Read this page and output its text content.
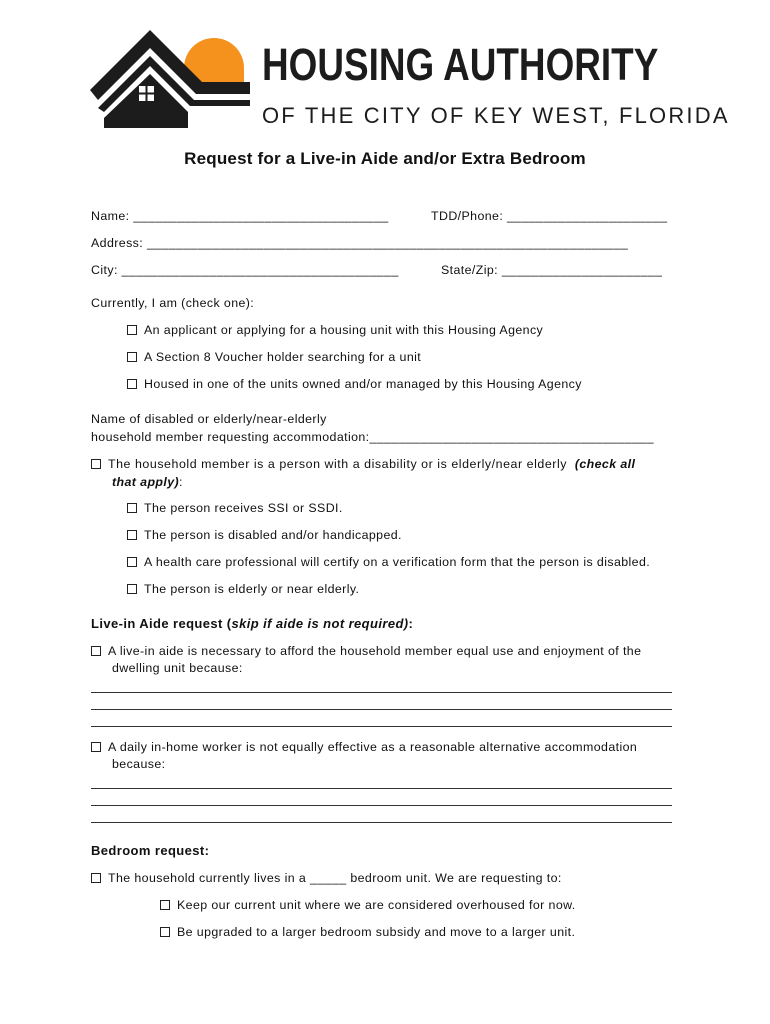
HOUSING AUTHORITY
OF THE CITY OF KEY WEST, FLORIDA
Request for a Live-in Aide and/or Extra Bedroom
Name: ___________________________________	TDD/Phone: ______________________
Address: __________________________________________________________________
City: ______________________________________	State/Zip: ______________________
Currently, I am (check one):
An applicant or applying for a housing unit with this Housing Agency
A Section 8 Voucher holder searching for a unit
Housed in one of the units owned and/or managed by this Housing Agency
Name of disabled or elderly/near-elderly
household member requesting accommodation:_______________________________________
The household member is a person with a disability or is elderly/near elderly (check all
that apply):
The person receives SSI or SSDI.
The person is disabled and/or handicapped.
A health care professional will certify on a verification form that the person is disabled.
The person is elderly or near elderly.
Live-in Aide request (skip if aide is not required):
A live-in aide is necessary to afford the household member equal use and enjoyment of the
dwelling unit because:
A daily in-home worker is not equally effective as a reasonable alternative accommodation
because:
Bedroom request:
The household currently lives in a _____ bedroom unit. We are requesting to:
Keep our current unit where we are considered overhoused for now.
Be upgraded to a larger bedroom subsidy and move to a larger unit.
